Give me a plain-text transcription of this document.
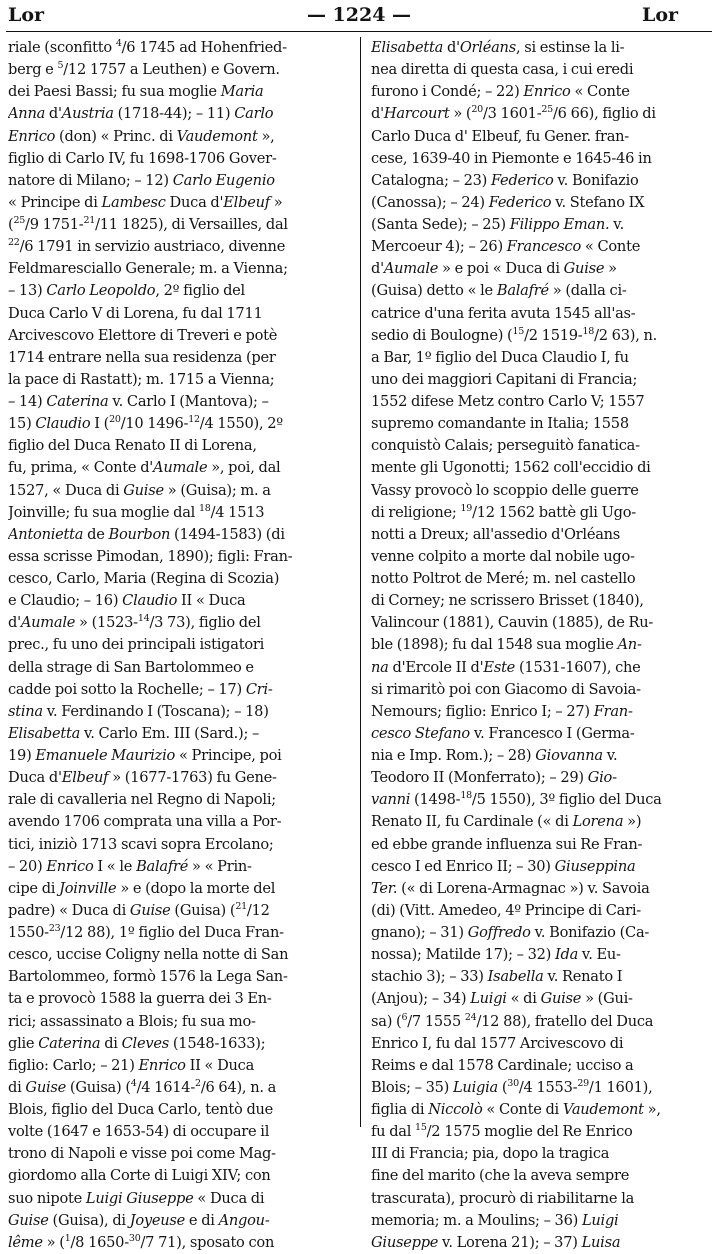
Lor	— 1224 —	Lor
riale (sconfitto $^4$/6 1745 ad Hohenfried-
berg e $^5$/12 1757 a Leuthen) e Govern.
dei Paesi Bassi; fu sua moglie Maria
Anna d'Austria (1718-44); – 11) Carlo
Enrico (don) « Princ. di Vaudemont »,
figlio di Carlo IV, fu 1698-1706 Gover-
natore di Milano; – 12) Carlo Eugenio
« Principe di Lambesc Duca d'Elbeuf »
($^{25}$/9 1751-$^{21}$/11 1825), di Versailles, dal
$^{22}$/6 1791 in servizio austriaco, divenne
Feldmaresciallo Generale; m. a Vienna;
– 13) Carlo Leopoldo, 2º figlio del
Duca Carlo V di Lorena, fu dal 1711
Arcivescovo Elettore di Treveri e potè
1714 entrare nella sua residenza (per
la pace di Rastatt); m. 1715 a Vienna;
– 14) Caterina v. Carlo I (Mantova); –
15) Claudio I ($^{20}$/10 1496-$^{12}$/4 1550), 2º
figlio del Duca Renato II di Lorena,
fu, prima, « Conte d'Aumale », poi, dal
1527, « Duca di Guise » (Guisa); m. a
Joinville; fu sua moglie dal $^{18}$/4 1513
Antonietta de Bourbon (1494-1583) (di
essa scrisse Pimodan, 1890); figli: Fran-
cesco, Carlo, Maria (Regina di Scozia)
e Claudio; – 16) Claudio II « Duca
d'Aumale » (1523-$^{14}$/3 73), figlio del
prec., fu uno dei principali istigatori
della strage di San Bartolommeo e
cadde poi sotto la Rochelle; – 17) Cri-
stina v. Ferdinando I (Toscana); – 18)
Elisabetta v. Carlo Em. III (Sard.); –
19) Emanuele Maurizio « Principe, poi
Duca d'Elbeuf » (1677-1763) fu Gene-
rale di cavalleria nel Regno di Napoli;
avendo 1706 comprata una villa a Por-
tici, iniziò 1713 scavi sopra Ercolano;
– 20) Enrico I « le Balafré » « Prin-
cipe di Joinville » e (dopo la morte del
padre) « Duca di Guise (Guisa) ($^{21}$/12
1550-$^{23}$/12 88), 1º figlio del Duca Fran-
cesco, uccise Coligny nella notte di San
Bartolommeo, formò 1576 la Lega San-
ta e provocò 1588 la guerra dei 3 En-
rici; assassinato a Blois; fu sua mo-
glie Caterina di Cleves (1548-1633);
figlio: Carlo; – 21) Enrico II « Duca
di Guise (Guisa) ($^4$/4 1614-$^2$/6 64), n. a
Blois, figlio del Duca Carlo, tentò due
volte (1647 e 1653-54) di occupare il
trono di Napoli e visse poi come Mag-
giordomo alla Corte di Luigi XIV; con
suo nipote Luigi Giuseppe « Duca di
Guise (Guisa), di Joyeuse e di Angou-
lême » ($^1$/8 1650-$^{30}$/7 71), sposato con
Elisabetta d'Orléans, si estinse la li-
nea diretta di questa casa, i cui eredi
furono i Condé; – 22) Enrico « Conte
d'Harcourt » ($^{20}$/3 1601-$^{25}$/6 66), figlio di
Carlo Duca d' Elbeuf, fu Gener. fran-
cese, 1639-40 in Piemonte e 1645-46 in
Catalogna; – 23) Federico v. Bonifazio
(Canossa); – 24) Federico v. Stefano IX
(Santa Sede); – 25) Filippo Eman. v.
Mercoeur 4); – 26) Francesco « Conte
d'Aumale » e poi « Duca di Guise »
(Guisa) detto « le Balafré » (dalla ci-
catrice d'una ferita avuta 1545 all'as-
sedio di Boulogne) ($^{15}$/2 1519-$^{18}$/2 63), n.
a Bar, 1º figlio del Duca Claudio I, fu
uno dei maggiori Capitani di Francia;
1552 difese Metz contro Carlo V; 1557
supremo comandante in Italia; 1558
conquistò Calais; perseguitò fanatica-
mente gli Ugonotti; 1562 coll'eccidio di
Vassy provocò lo scoppio delle guerre
di religione; $^{19}$/12 1562 battè gli Ugo-
notti a Dreux; all'assedio d'Orléans
venne colpito a morte dal nobile ugo-
notto Poltrot de Meré; m. nel castello
di Corney; ne scrissero Brisset (1840),
Valincour (1881), Cauvin (1885), de Ru-
ble (1898); fu dal 1548 sua moglie An-
na d'Ercole II d'Este (1531-1607), che
si rimaritò poi con Giacomo di Savoia-
Nemours; figlio: Enrico I; – 27) Fran-
cesco Stefano v. Francesco I (Germa-
nia e Imp. Rom.); – 28) Giovanna v.
Teodoro II (Monferrato); – 29) Gio-
vanni (1498-$^{18}$/5 1550), 3º figlio del Duca
Renato II, fu Cardinale (« di Lorena »)
ed ebbe grande influenza sui Re Fran-
cesco I ed Enrico II; – 30) Giuseppina
Ter. (« di Lorena-Armagnac ») v. Savoia
(di) (Vitt. Amedeo, 4º Principe di Cari-
gnano); – 31) Goffredo v. Bonifazio (Ca-
nossa); Matilde 17); – 32) Ida v. Eu-
stachio 3); – 33) Isabella v. Renato I
(Anjou); – 34) Luigi « di Guise » (Gui-
sa) ($^6$/7 1555 $^{24}$/12 88), fratello del Duca
Enrico I, fu dal 1577 Arcivescovo di
Reims e dal 1578 Cardinale; ucciso a
Blois; – 35) Luigia ($^{30}$/4 1553-$^{29}$/1 1601),
figlia di Niccolò « Conte di Vaudemont »,
fu dal $^{15}$/2 1575 moglie del Re Enrico
III di Francia; pia, dopo la tragica
fine del marito (che la aveva sempre
trascurata), procurò di riabilitarne la
memoria; m. a Moulins; – 36) Luigi
Giuseppe v. Lorena 21); – 37) Luisa
